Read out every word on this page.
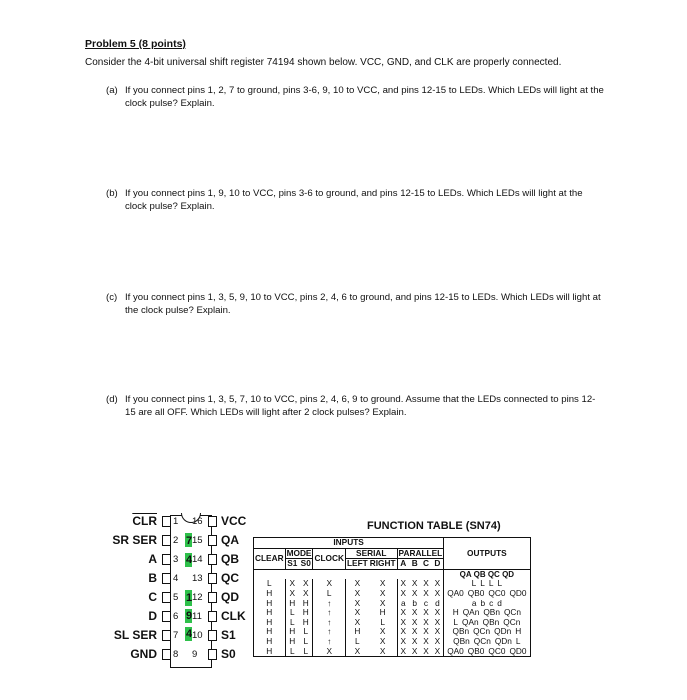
Problem 5 (8 points)
Consider the 4-bit universal shift register 74194 shown below. VCC, GND, and CLK are properly connected.
(a) If you connect pins 1, 2, 7 to ground, pins 3-6, 9, 10 to VCC, and pins 12-15 to LEDs. Which LEDs will light at the clock pulse? Explain.
(b) If you connect pins 1, 9, 10 to VCC, pins 3-6 to ground, and pins 12-15 to LEDs. Which LEDs will light at the clock pulse? Explain.
(c) If you connect pins 1, 3, 5, 9, 10 to VCC, pins 2, 4, 6 to ground, and pins 12-15 to LEDs. Which LEDs will light at the clock pulse? Explain.
(d) If you connect pins 1, 3, 5, 7, 10 to VCC, pins 2, 4, 6, 9 to ground. Assume that the LEDs connected to pins 12-15 are all OFF. Which LEDs will light after 2 clock pulses? Explain.
7
4
1
9
4
$\overline{CLR}$
SR SER
A
B
C
D
SL SER
GND
1
2
3
4
5
6
7
8
16
15
14
13
12
11
10
9
VCC
QA
QB
QC
QD
CLK
S1
S0
FUNCTION TABLE (SN74)
INPUTS										OUTPUTS
CLEAR	MODE		CLOCK	SERIAL		PARALLEL				
	S1	S0		LEFT	RIGHT	A	B	C	D	
										QA QB QC QD
L	X	X	X	X	X	X	X	X	X	L L L L
H	X	X	L	X	X	X	X	X	X	QA0 QB0 QC0 QD0
H	H	H	↑	X	X	a	b	c	d	a b c d
H	L	H	↑	X	H	X	X	X	X	H QAn QBn QCn
H	L	H	↑	X	L	X	X	X	X	L QAn QBn QCn
H	H	L	↑	H	X	X	X	X	X	QBn QCn QDn H
H	H	L	↑	L	X	X	X	X	X	QBn QCn QDn L
H	L	L	X	X	X	X	X	X	X	QA0 QB0 QC0 QD0
